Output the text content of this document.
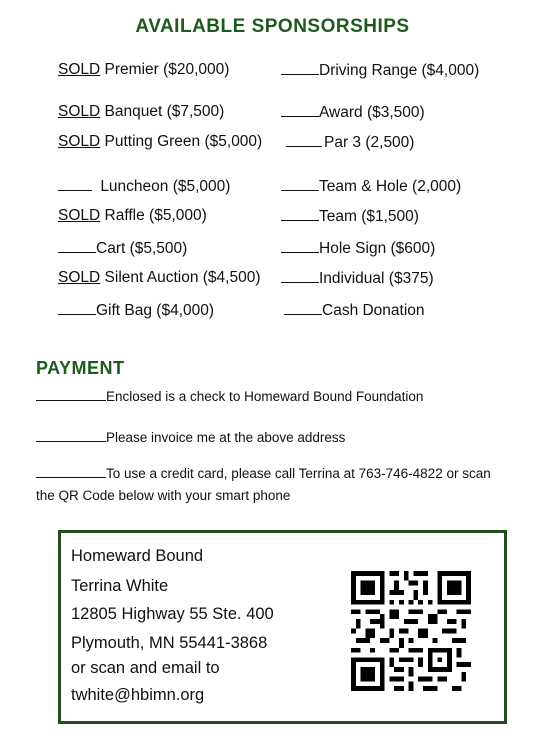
AVAILABLE SPONSORSHIPS
SOLD Premier ($20,000)
SOLD Banquet ($7,500)
SOLD Putting Green ($5,000)
Luncheon ($5,000)
SOLD Raffle ($5,000)
Cart ($5,500)
SOLD Silent Auction ($4,500)
Gift Bag ($4,000)
Driving Range ($4,000)
Award ($3,500)
Par 3 (2,500)
Team & Hole (2,000)
Team ($1,500)
Hole Sign ($600)
Individual ($375)
Cash Donation
PAYMENT
Enclosed is a check to Homeward Bound Foundation
Please invoice me at the above address
To use a credit card, please call Terrina at 763-746-4822 or scan
the QR Code below with your smart phone
Homeward Bound
Terrina White
12805 Highway 55 Ste. 400
Plymouth, MN 55441-3868
or scan and email to
twhite@hbimn.org
